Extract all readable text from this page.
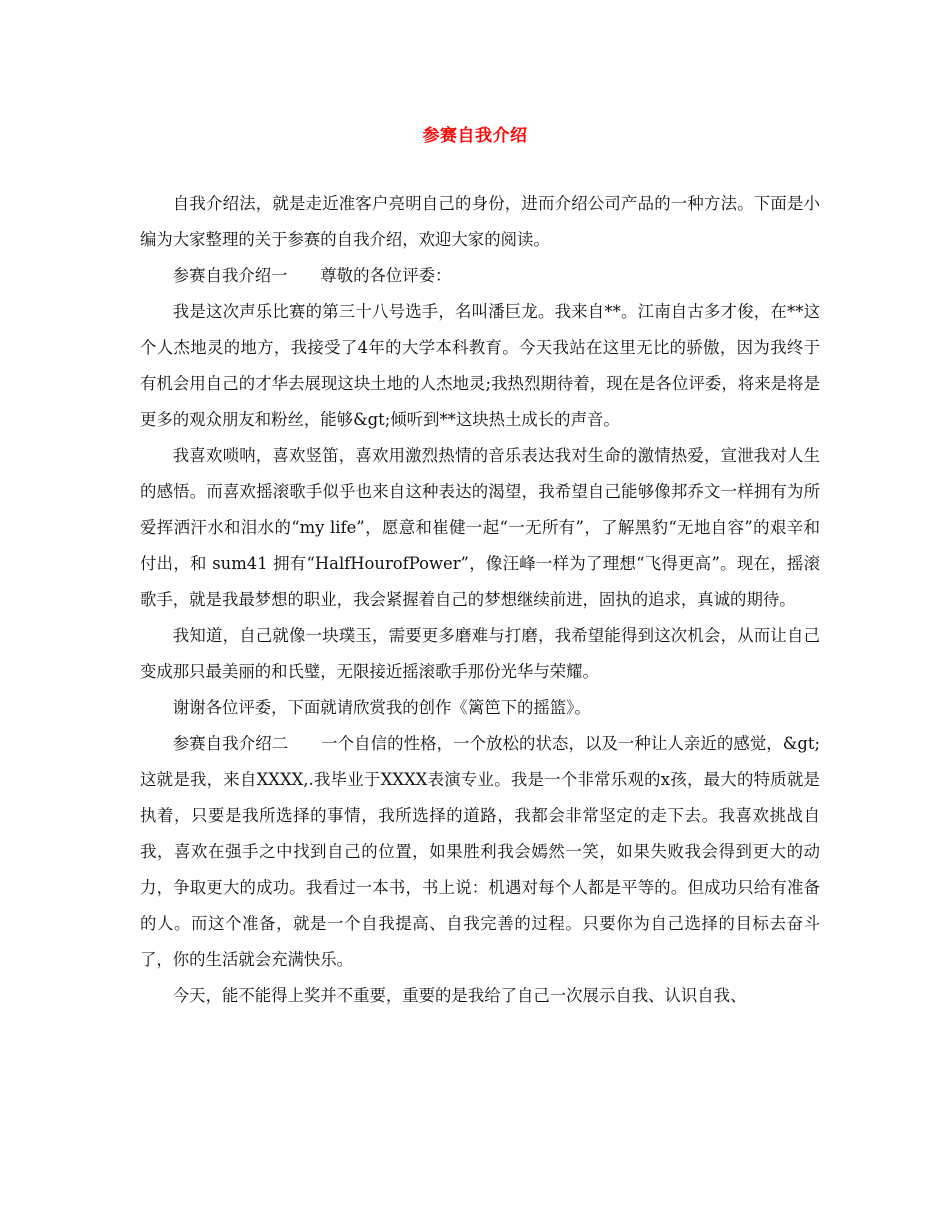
参赛自我介绍

自我介绍法，就是走近准客户亮明自己的身份，进而介绍公司产品的一种方法。下面是小编为大家整理的关于参赛的自我介绍，欢迎大家的阅读。

参赛自我介绍一　　尊敬的各位评委：

我是这次声乐比赛的第三十八号选手，名叫潘巨龙。我来自**。江南自古多才俊，在**这个人杰地灵的地方，我接受了4年的大学本科教育。今天我站在这里无比的骄傲，因为我终于有机会用自己的才华去展现这块土地的人杰地灵;我热烈期待着，现在是各位评委，将来是将是更多的观众朋友和粉丝，能够&gt;倾听到**这块热土成长的声音。

我喜欢唢呐，喜欢竖笛，喜欢用激烈热情的音乐表达我对生命的激情热爱，宣泄我对人生的感悟。而喜欢摇滚歌手似乎也来自这种表达的渴望，我希望自己能够像邦乔文一样拥有为所爱挥洒汗水和泪水的“my life”，愿意和崔健一起“一无所有”，了解黑豹“无地自容”的艰辛和付出，和 sum41 拥有“HalfHourofPower”，像汪峰一样为了理想“飞得更高”。现在，摇滚歌手，就是我最梦想的职业，我会紧握着自己的梦想继续前进，固执的追求，真诚的期待。

我知道，自己就像一块璞玉，需要更多磨难与打磨，我希望能得到这次机会，从而让自己变成那只最美丽的和氏璧，无限接近摇滚歌手那份光华与荣耀。

谢谢各位评委，下面就请欣赏我的创作《篱笆下的摇篮》。

参赛自我介绍二　　一个自信的性格，一个放松的状态，以及一种让人亲近的感觉，&gt;这就是我，来自XXXX,.我毕业于XXXX表演专业。我是一个非常乐观的x孩，最大的特质就是执着，只要是我所选择的事情，我所选择的道路，我都会非常坚定的走下去。我喜欢挑战自我，喜欢在强手之中找到自己的位置，如果胜利我会嫣然一笑，如果失败我会得到更大的动力，争取更大的成功。我看过一本书，书上说：机遇对每个人都是平等的。但成功只给有准备的人。而这个准备，就是一个自我提高、自我完善的过程。只要你为自己选择的目标去奋斗了，你的生活就会充满快乐。

今天，能不能得上奖并不重要，重要的是我给了自己一次展示自我、认识自我、
